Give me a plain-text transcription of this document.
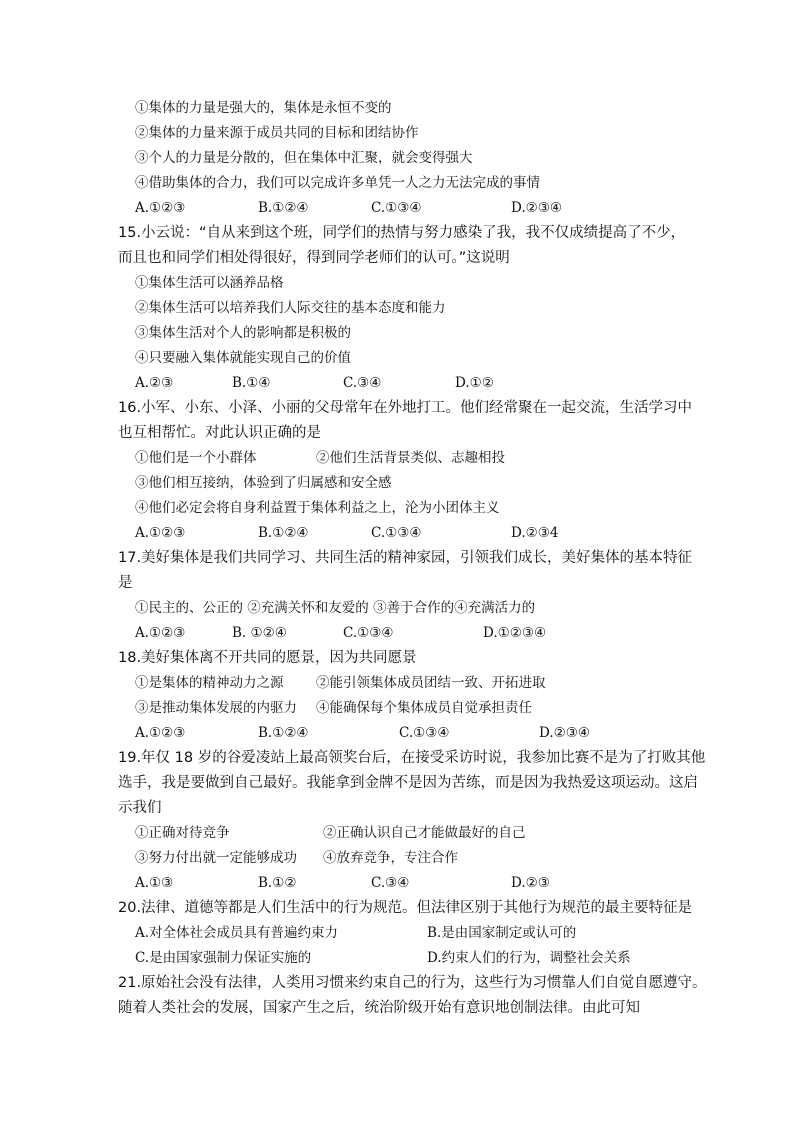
①集体的力量是强大的，集体是永恒不变的
②集体的力量来源于成员共同的目标和团结协作
③个人的力量是分散的，但在集体中汇聚，就会变得强大
④借助集体的合力，我们可以完成许多单凭一人之力无法完成的事情
A.①②③	B.①②④	C.①③④	D.②③④
15.小云说：“自从来到这个班，同学们的热情与努力感染了我，我不仅成绩提高了不少，
而且也和同学们相处得很好，得到同学老师们的认可。”这说明
①集体生活可以涵养品格
②集体生活可以培养我们人际交往的基本态度和能力
③集体生活对个人的影响都是积极的
④只要融入集体就能实现自己的价值
A.②③	B.①④	C.③④	D.①②
16.小军、小东、小泽、小丽的父母常年在外地打工。他们经常聚在一起交流，生活学习中
也互相帮忙。对此认识正确的是
①他们是一个小群体	②他们生活背景类似、志趣相投
③他们相互接纳，体验到了归属感和安全感
④他们必定会将自身利益置于集体利益之上，沦为小团体主义
A.①②③	B.①②④	C.①③④	D.②③4
17.美好集体是我们共同学习、共同生活的精神家园，引领我们成长，美好集体的基本特征
是
①民主的、公正的 ②充满关怀和友爱的 ③善于合作的④充满活力的
A.①②③	B. ①②④	C.①③④	D.①②③④
18.美好集体离不开共同的愿景，因为共同愿景
①是集体的精神动力之源 ②能引领集体成员团结一致、开拓进取
③是推动集体发展的内驱力 ④能确保每个集体成员自觉承担责任
A.①②③	B.①②④	C.①③④	D.②③④
19.年仅 18 岁的谷爱凌站上最高领奖台后，在接受采访时说，我参加比赛不是为了打败其他
选手，我是要做到自己最好。我能拿到金牌不是因为苦练，而是因为我热爱这项运动。这启
示我们
①正确对待竞争	②正确认识自己才能做最好的自己
③努力付出就一定能够成功 ④放弃竞争，专注合作
A.①③	B.①②	C.③④	D.②③
20.法律、道德等都是人们生活中的行为规范。但法律区别于其他行为规范的最主要特征是
A.对全体社会成员具有普遍约束力	B.是由国家制定或认可的
C.是由国家强制力保证实施的	D.约束人们的行为，调整社会关系
21.原始社会没有法律，人类用习惯来约束自己的行为，这些行为习惯靠人们自觉自愿遵守。
随着人类社会的发展，国家产生之后，统治阶级开始有意识地创制法律。由此可知
